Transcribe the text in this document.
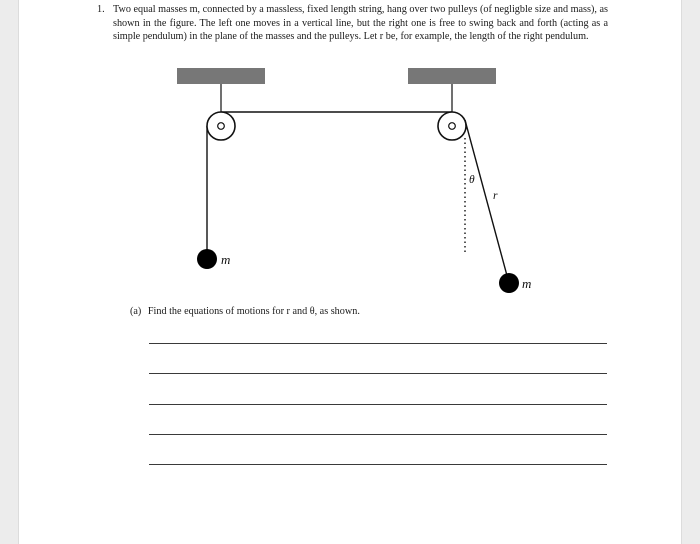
1. Two equal masses m, connected by a massless, fixed length string, hang over two pulleys (of negligble size and mass), as shown in the figure. The left one moves in a vertical line, but the right one is free to swing back and forth (acting as a simple pendulum) in the plane of the masses and the pulleys. Let r be, for example, the length of the right pendulum.
m
m
θ
r
(a) Find the equations of motions for r and θ, as shown.
